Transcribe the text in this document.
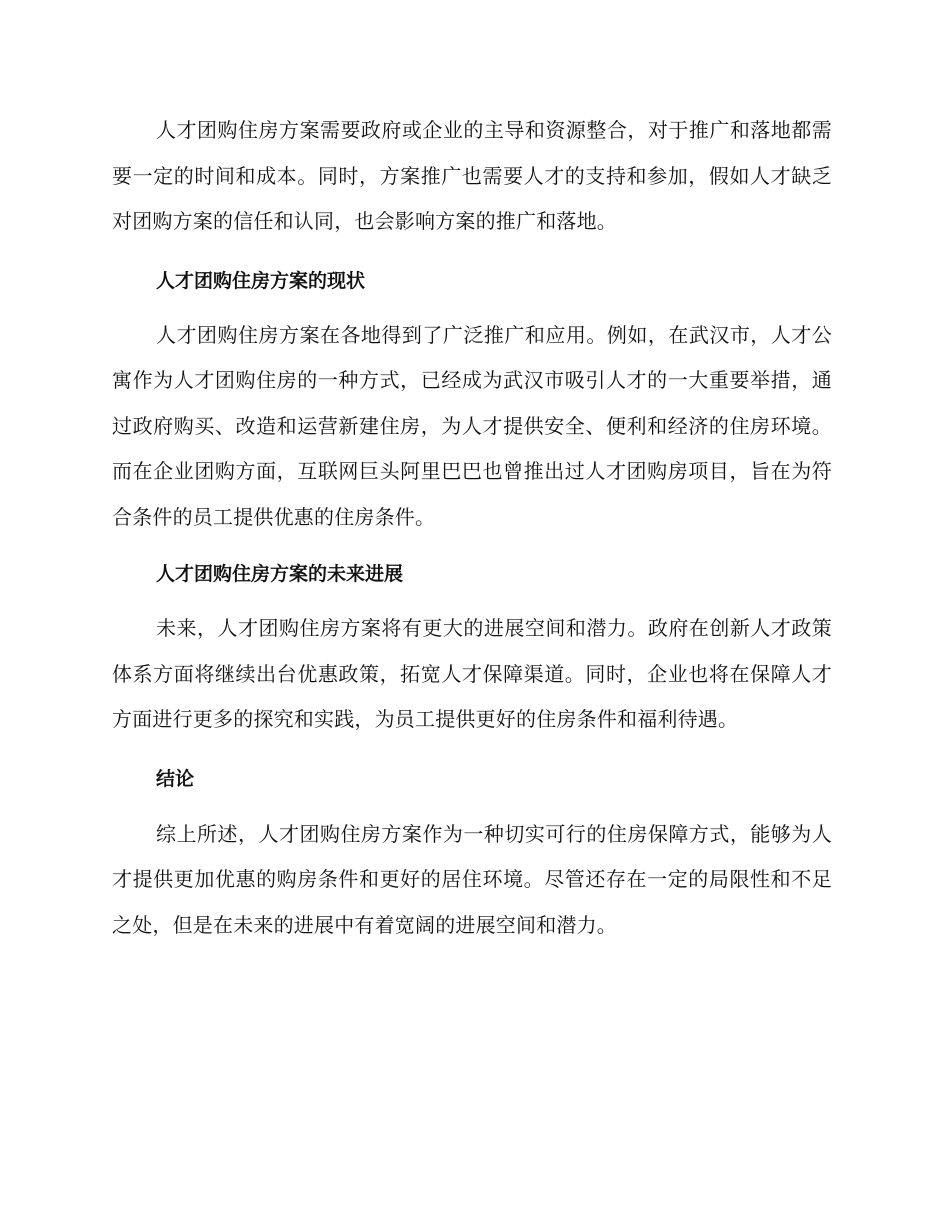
人才团购住房方案需要政府或企业的主导和资源整合，对于推广和落地都需要一定的时间和成本。同时，方案推广也需要人才的支持和参加，假如人才缺乏对团购方案的信任和认同，也会影响方案的推广和落地。

人才团购住房方案的现状

人才团购住房方案在各地得到了广泛推广和应用。例如，在武汉市，人才公寓作为人才团购住房的一种方式，已经成为武汉市吸引人才的一大重要举措，通过政府购买、改造和运营新建住房，为人才提供安全、便利和经济的住房环境。而在企业团购方面，互联网巨头阿里巴巴也曾推出过人才团购房项目，旨在为符合条件的员工提供优惠的住房条件。

人才团购住房方案的未来进展

未来，人才团购住房方案将有更大的进展空间和潜力。政府在创新人才政策体系方面将继续出台优惠政策，拓宽人才保障渠道。同时，企业也将在保障人才方面进行更多的探究和实践，为员工提供更好的住房条件和福利待遇。

结论

综上所述，人才团购住房方案作为一种切实可行的住房保障方式，能够为人才提供更加优惠的购房条件和更好的居住环境。尽管还存在一定的局限性和不足之处，但是在未来的进展中有着宽阔的进展空间和潜力。
